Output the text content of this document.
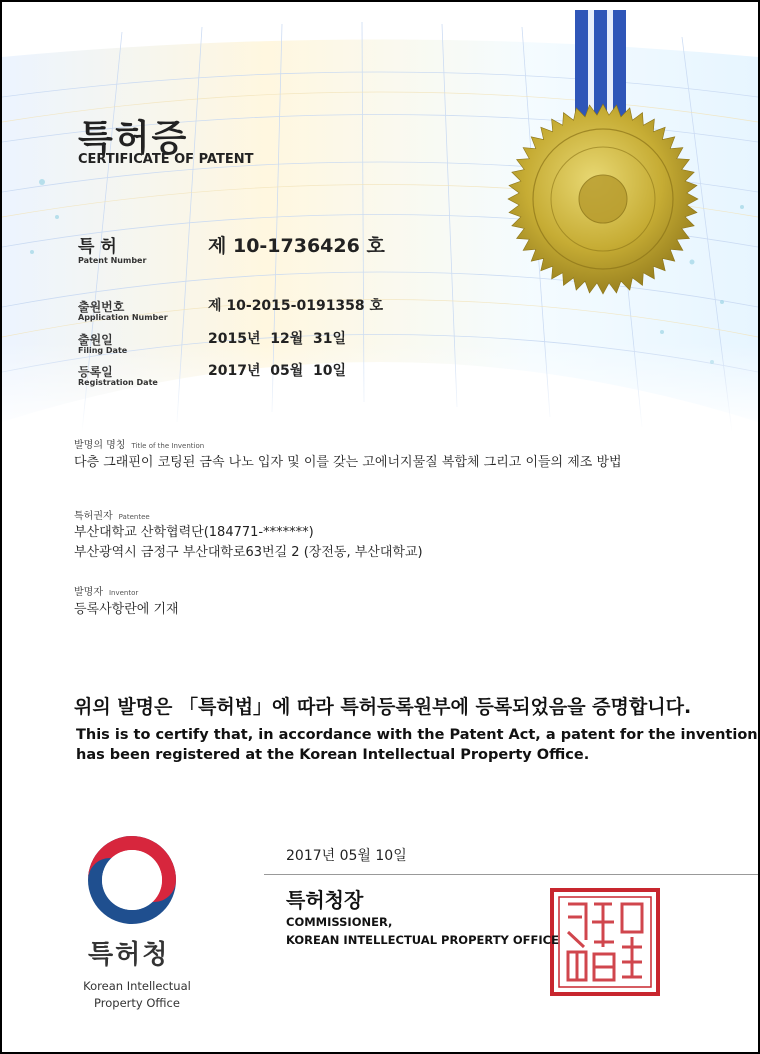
특허증
CERTIFICATE OF PATENT
특 허
Patent Number
제 10-1736426 호
출원번호
Application Number
제 10-2015-0191358 호
출원일
Filing Date
2015년  12월  31일
등록일
Registration Date
2017년  05월  10일
발명의 명칭 Title of the Invention
다층 그래핀이 코팅된 금속 나노 입자 및 이를 갖는 고에너지물질 복합체 그리고 이들의 제조 방법
특허권자 Patentee
부산대학교 산학협력단(184771-*******)
부산광역시 금정구 부산대학로63번길 2 (장전동, 부산대학교)
발명자 Inventor
등록사항란에 기재
위의 발명은 「특허법」에 따라 특허등록원부에 등록되었음을 증명합니다.
This is to certify that, in accordance with the Patent Act, a patent for the invention
has been registered at the Korean Intellectual Property Office.
2017년 05월 10일
특허청장
COMMISSIONER,
KOREAN INTELLECTUAL PROPERTY OFFICE
특허청
Korean Intellectual Property Office
